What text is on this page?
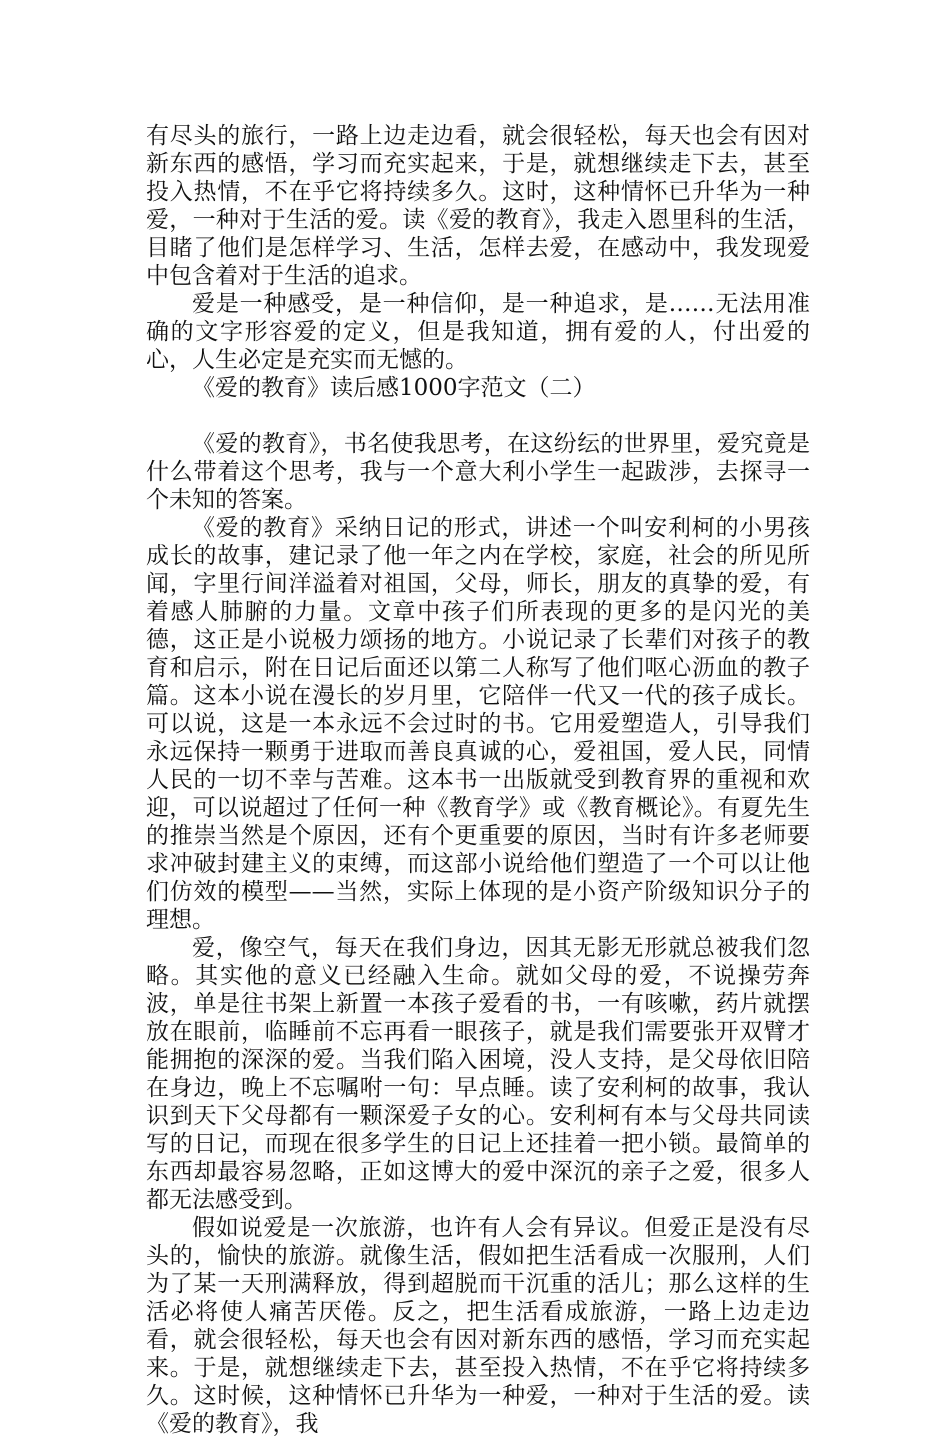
有尽头的旅行，一路上边走边看，就会很轻松，每天也会有因对新东西的感悟，学习而充实起来，于是，就想继续走下去，甚至投入热情，不在乎它将持续多久。这时，这种情怀已升华为一种爱，一种对于生活的爱。读《爱的教育》，我走入恩里科的生活，目睹了他们是怎样学习、生活，怎样去爱，在感动中，我发现爱中包含着对于生活的追求。

爱是一种感受，是一种信仰，是一种追求，是……无法用准确的文字形容爱的定义，但是我知道，拥有爱的人，付出爱的心，人生必定是充实而无憾的。

《爱的教育》读后感1000字范文（二）

《爱的教育》，书名使我思考，在这纷纭的世界里，爱究竟是什么带着这个思考，我与一个意大利小学生一起跋涉，去探寻一个未知的答案。

《爱的教育》采纳日记的形式，讲述一个叫安利柯的小男孩成长的故事，建记录了他一年之内在学校，家庭，社会的所见所闻，字里行间洋溢着对祖国，父母，师长，朋友的真挚的爱，有着感人肺腑的力量。文章中孩子们所表现的更多的是闪光的美德，这正是小说极力颂扬的地方。小说记录了长辈们对孩子的教育和启示，附在日记后面还以第二人称写了他们呕心沥血的教子篇。这本小说在漫长的岁月里，它陪伴一代又一代的孩子成长。可以说，这是一本永远不会过时的书。它用爱塑造人，引导我们永远保持一颗勇于进取而善良真诚的心，爱祖国，爱人民，同情人民的一切不幸与苦难。这本书一出版就受到教育界的重视和欢迎，可以说超过了任何一种《教育学》或《教育概论》。有夏先生的推崇当然是个原因，还有个更重要的原因，当时有许多老师要求冲破封建主义的束缚，而这部小说给他们塑造了一个可以让他们仿效的模型——当然，实际上体现的是小资产阶级知识分子的理想。

爱，像空气，每天在我们身边，因其无影无形就总被我们忽略。其实他的意义已经融入生命。就如父母的爱，不说操劳奔波，单是往书架上新置一本孩子爱看的书，一有咳嗽，药片就摆放在眼前，临睡前不忘再看一眼孩子，就是我们需要张开双臂才能拥抱的深深的爱。当我们陷入困境，没人支持，是父母依旧陪在身边，晚上不忘嘱咐一句：早点睡。读了安利柯的故事，我认识到天下父母都有一颗深爱子女的心。安利柯有本与父母共同读写的日记，而现在很多学生的日记上还挂着一把小锁。最简单的东西却最容易忽略，正如这博大的爱中深沉的亲子之爱，很多人都无法感受到。

假如说爱是一次旅游，也许有人会有异议。但爱正是没有尽头的，愉快的旅游。就像生活，假如把生活看成一次服刑，人们为了某一天刑满释放，得到超脱而干沉重的活儿；那么这样的生活必将使人痛苦厌倦。反之，把生活看成旅游，一路上边走边看，就会很轻松，每天也会有因对新东西的感悟，学习而充实起来。于是，就想继续走下去，甚至投入热情，不在乎它将持续多久。这时候，这种情怀已升华为一种爱，一种对于生活的爱。读《爱的教育》，我
